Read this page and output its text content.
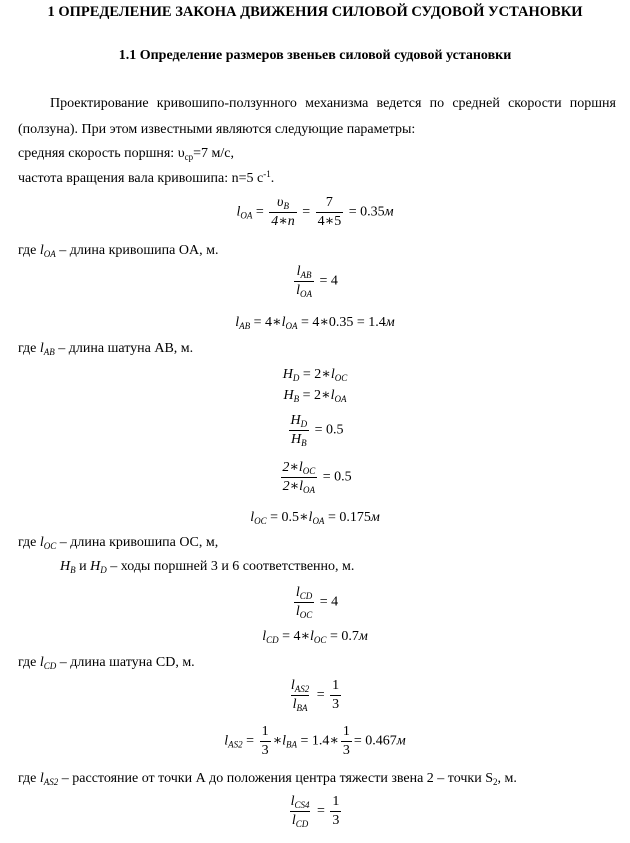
1 ОПРЕДЕЛЕНИЕ ЗАКОНА ДВИЖЕНИЯ СИЛОВОЙ СУДОВОЙ УСТАНОВКИ
1.1 Определение размеров звеньев силовой судовой установки
Проектирование кривошипо-ползунного механизма ведется по средней скорости поршня
(ползуна). При этом известными являются следующие параметры:
средняя скорость поршня: $\upsilon_{ср}=7$ м/с,
частота вращения вала кривошипа: n=5 $с^{-1}$.
$l_{OA} = \frac{\upsilon_B}{4∗n} = \frac{7}{4∗5} = 0.35м$
где $l_{OA}$ – длина кривошипа OA, м.
$\frac{l_{AB}}{l_{OA}} = 4$
$l_{AB}$ = $4∗l_{OA}$ = 4∗0.35 = 1.4м
где $l_{AB}$ – длина шатуна AB, м.
$H_D$ = $2∗l_{OC}$
$H_B$ = $2∗l_{OA}$
$\frac{H_D}{H_B} = 0.5$
$\frac{2∗l_{OC}}{2∗l_{OA}} = 0.5$
$l_{OC}$ = $0.5∗l_{OA} = 0.175м$
где $l_{OC}$ – длина кривошипа OC, м,
$H_B$ и $H_D$ – ходы поршней 3 и 6 соответственно, м.
$\frac{l_{CD}}{l_{OC}} = 4$
$l_{CD}$ = $4∗l_{OC} = 0.7м$
где $l_{CD}$ – длина шатуна CD, м.
$\frac{l_{AS2}}{l_{BA}} = \frac{1}{3}$
$l_{AS2} = \frac{1}{3}$ $∗l_{BA}$ = 1.4∗ $\frac{1}{3} = 0.467м$
где $l_{AS2}$ – расстояние от точки А до положения центра тяжести звена 2 – точки $S_2$, м.
$\frac{l_{CS4}}{l_{CD}} = \frac{1}{3}$
